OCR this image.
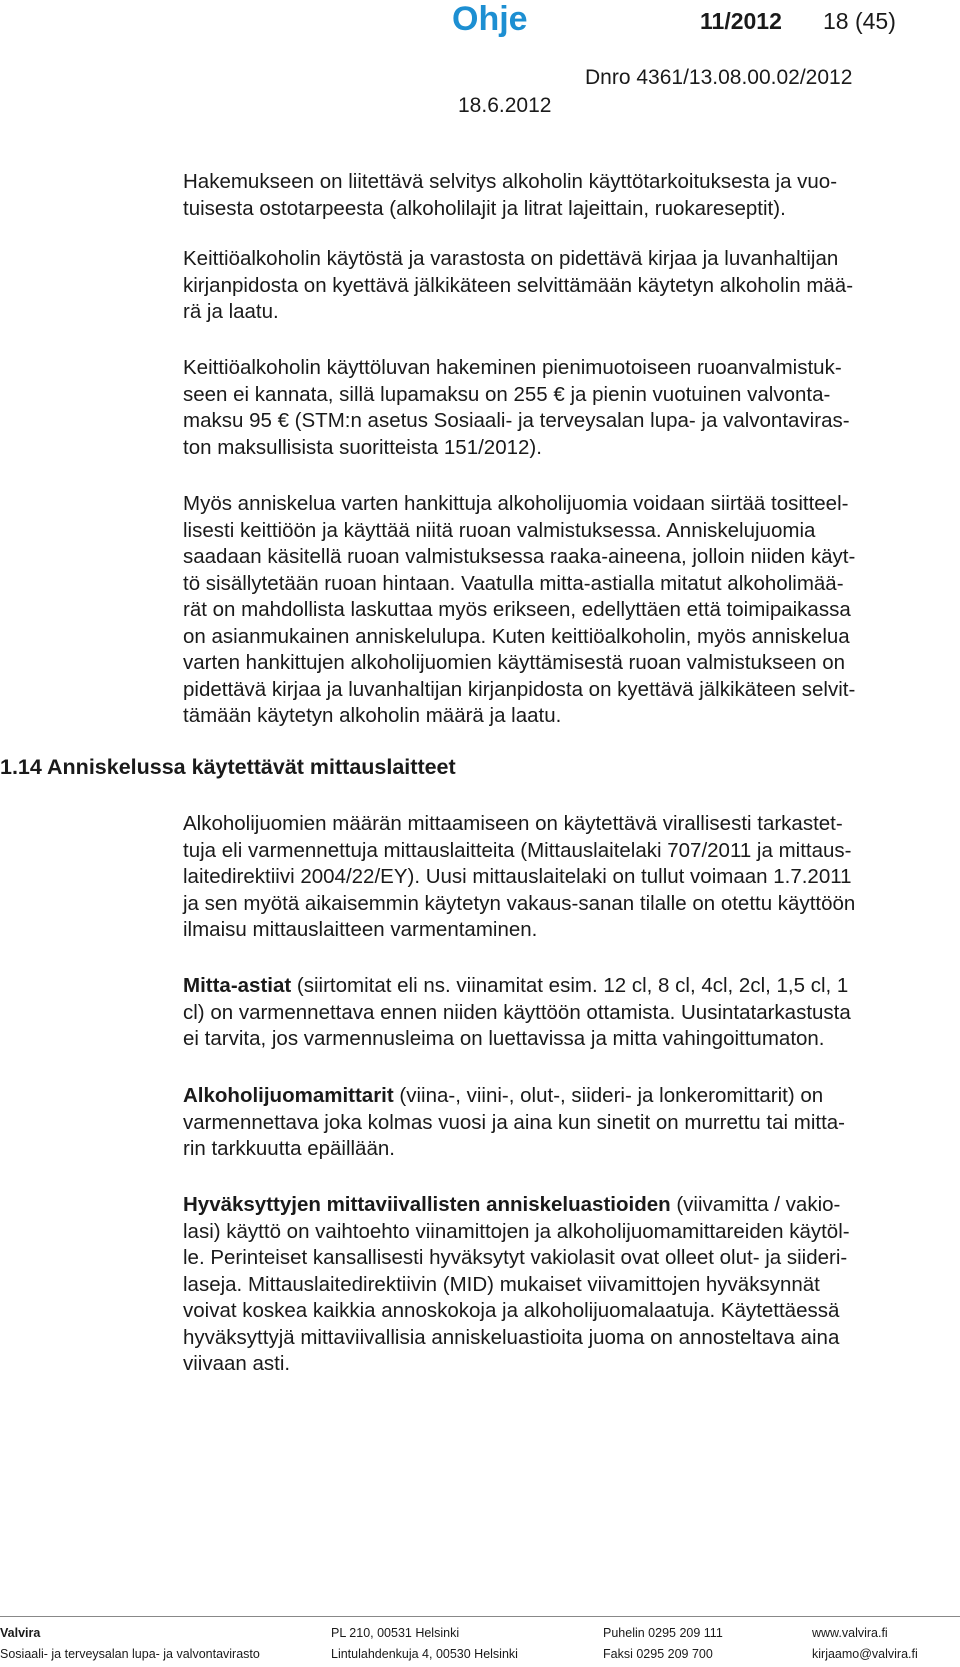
Ohje	11/2012 18 (45)
Dnro 4361/13.08.00.02/2012
18.6.2012
Hakemukseen on liitettävä selvitys alkoholin käyttötarkoituksesta ja vuo-
tuisesta ostotarpeesta (alkoholilajit ja litrat lajeittain, ruokareseptit).
Keittiöalkoholin käytöstä ja varastosta on pidettävä kirjaa ja luvanhaltijan
kirjanpidosta on kyettävä jälkikäteen selvittämään käytetyn alkoholin mää-
rä ja laatu.
Keittiöalkoholin käyttöluvan hakeminen pienimuotoiseen ruoanvalmistuk-
seen ei kannata, sillä lupamaksu on 255 € ja pienin vuotuinen valvonta-
maksu 95 € (STM:n asetus Sosiaali- ja terveysalan lupa- ja valvontaviras-
ton maksullisista suoritteista 151/2012).
Myös anniskelua varten hankittuja alkoholijuomia voidaan siirtää tositteel-
lisesti keittiöön ja käyttää niitä ruoan valmistuksessa. Anniskelujuomia
saadaan käsitellä ruoan valmistuksessa raaka-aineena, jolloin niiden käyt-
tö sisällytetään ruoan hintaan. Vaatulla mitta-astialla mitatut alkoholimää-
rät on mahdollista laskuttaa myös erikseen, edellyttäen että toimipaikassa
on asianmukainen anniskelulupa. Kuten keittiöalkoholin, myös anniskelua
varten hankittujen alkoholijuomien käyttämisestä ruoan valmistukseen on
pidettävä kirjaa ja luvanhaltijan kirjanpidosta on kyettävä jälkikäteen selvit-
tämään käytetyn alkoholin määrä ja laatu.
1.14 Anniskelussa käytettävät mittauslaitteet
Alkoholijuomien määrän mittaamiseen on käytettävä virallisesti tarkastet-
tuja eli varmennettuja mittauslaitteita (Mittauslaitelaki 707/2011 ja mittaus-
laitedirektiivi 2004/22/EY). Uusi mittauslaitelaki on tullut voimaan 1.7.2011
ja sen myötä aikaisemmin käytetyn vakaus-sanan tilalle on otettu käyttöön
ilmaisu mittauslaitteen varmentaminen.
Mitta-astiat (siirtomitat eli ns. viinamitat esim. 12 cl, 8 cl, 4cl, 2cl, 1,5 cl, 1
cl) on varmennettava ennen niiden käyttöön ottamista. Uusintatarkastusta
ei tarvita, jos varmennusleima on luettavissa ja mitta vahingoittumaton.
Alkoholijuomamittarit (viina-, viini-, olut-, siideri- ja lonkeromittarit) on
varmennettava joka kolmas vuosi ja aina kun sinetit on murrettu tai mitta-
rin tarkkuutta epäillään.
Hyväksyttyjen mittaviivallisten anniskeluastioiden (viivamitta / vakio-
lasi) käyttö on vaihtoehto viinamittojen ja alkoholijuomamittareiden käytöl-
le. Perinteiset kansallisesti hyväksytyt vakiolasit ovat olleet olut- ja siideri-
laseja. Mittauslaitedirektiivin (MID) mukaiset viivamittojen hyväksynnät
voivat koskea kaikkia annoskokoja ja alkoholijuomalaatuja. Käytettäessä
hyväksyttyjä mittaviivallisia anniskeluastioita juoma on annosteltava aina
viivaan asti.
Valvira
Sosiaali- ja terveysalan lupa- ja valvontavirasto
PL 210, 00531 Helsinki
Lintulahdenkuja 4, 00530 Helsinki
Puhelin 0295 209 111
Faksi 0295 209 700
www.valvira.fi
kirjaamo@valvira.fi
